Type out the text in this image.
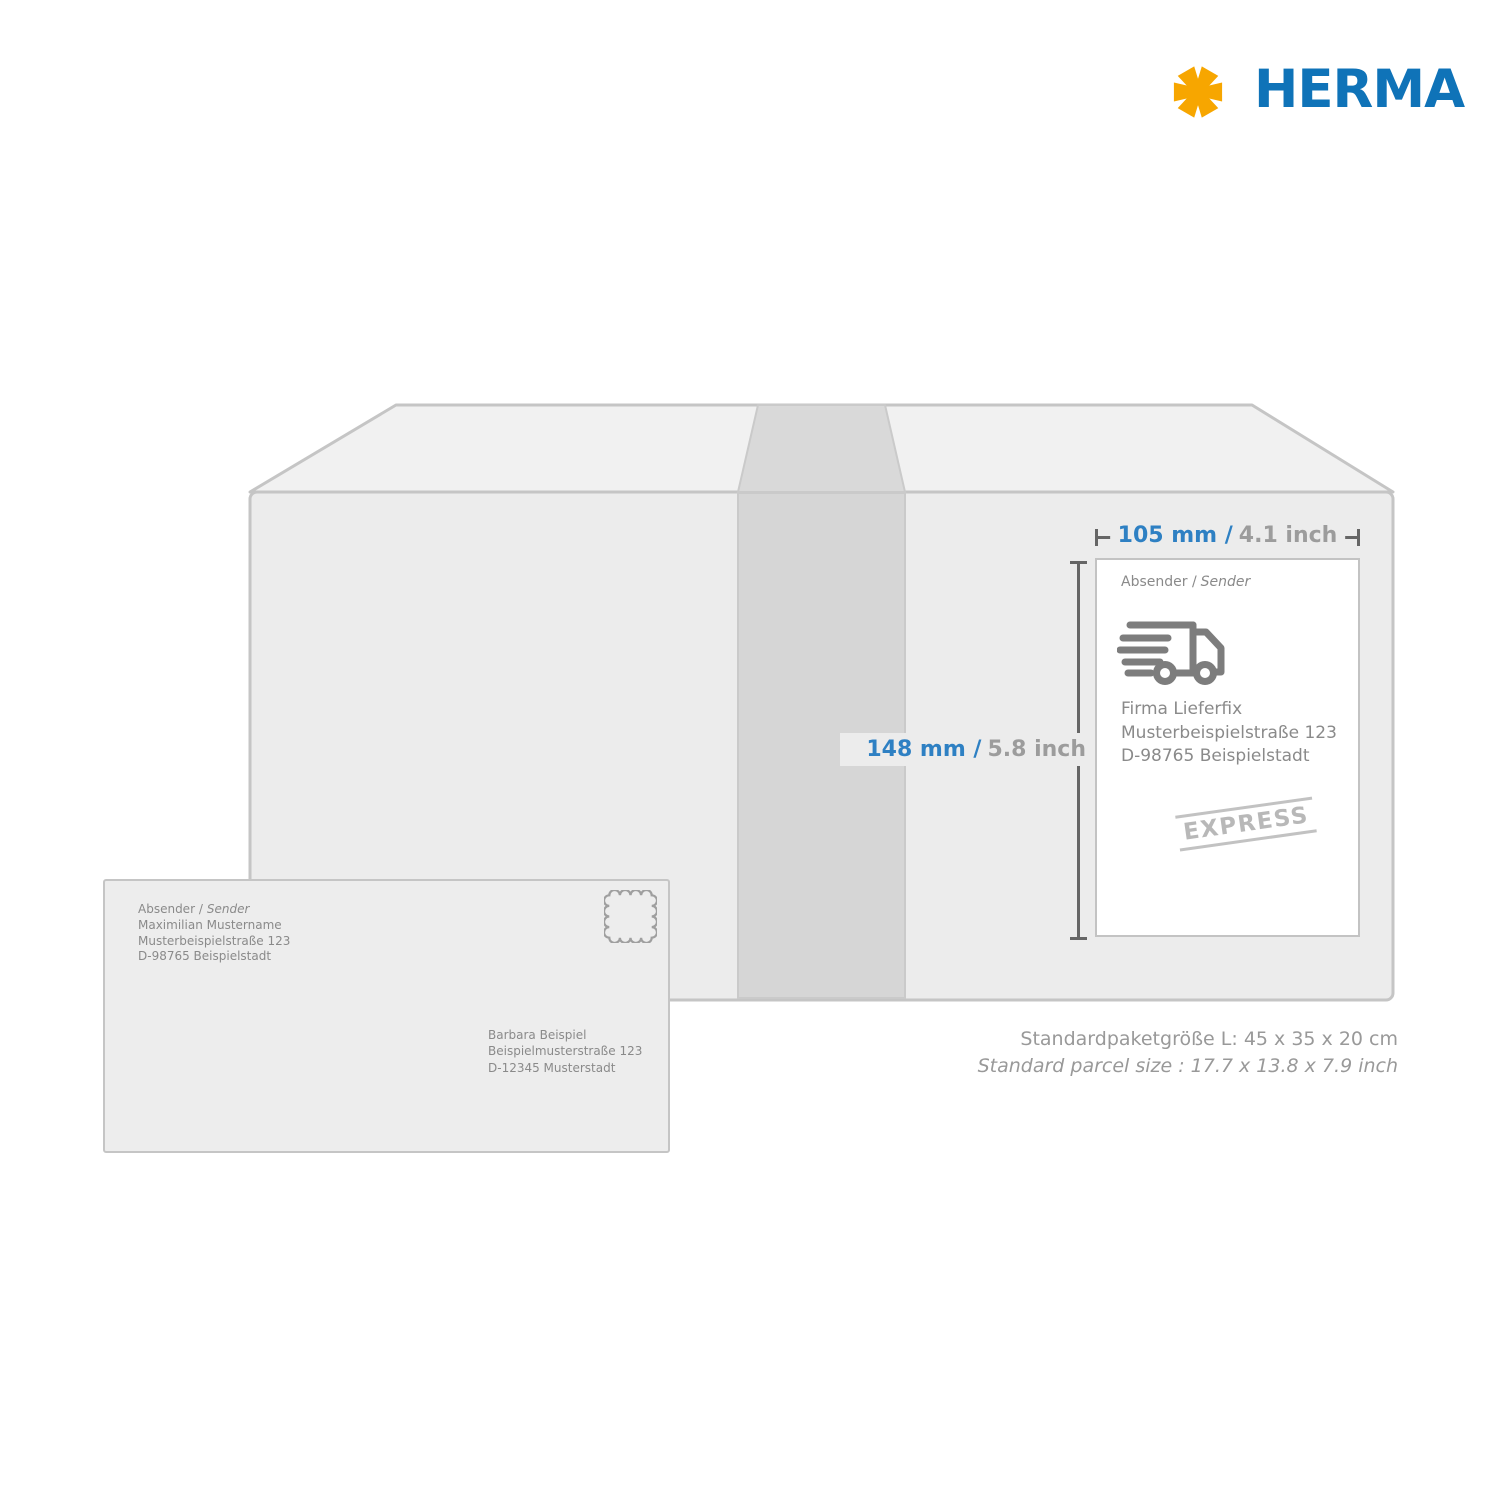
HERMA
105 mm / 4.1 inch
148 mm / 5.8 inch
Absender / Sender
Firma Lieferfix
Musterbeispielstraße 123
D-98765 Beispielstadt
EXPRESS
Absender / Sender
Maximilian Mustername
Musterbeispielstraße 123
D-98765 Beispielstadt
Barbara Beispiel
Beispielmusterstraße 123
D-12345 Musterstadt
Standardpaketgröße L: 45 x 35 x 20 cm
Standard parcel size : 17.7 x 13.8 x 7.9 inch
